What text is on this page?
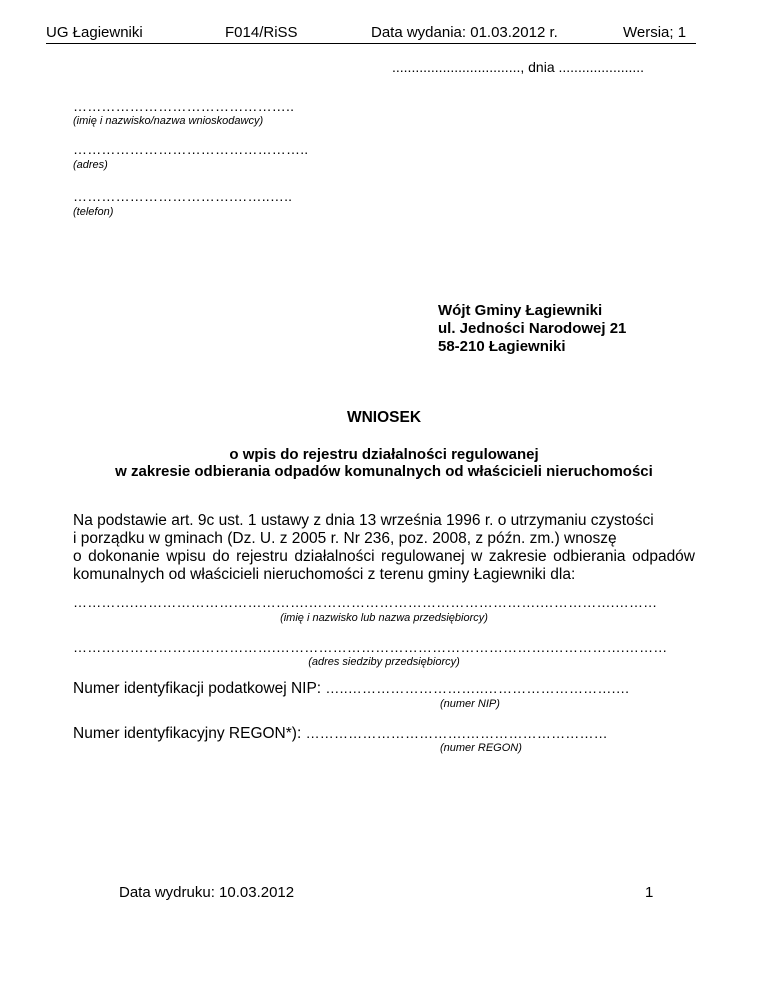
UG Łagiewniki	F014/RiSS	Data wydania: 01.03.2012 r.	Wersia; 1
................................., dnia ......................
………………………………………..
(imię i nazwisko/nazwa wnioskodawcy)
…………………………………………..
(adres)
…………………………….……..…..
(telefon)
Wójt Gminy Łagiewniki
ul. Jedności Narodowej 21
58-210 Łagiewniki
WNIOSEK
o wpis do rejestru działalności regulowanej
w zakresie odbierania odpadów komunalnych od właścicieli nieruchomości
Na podstawie art. 9c ust. 1 ustawy z dnia 13 września 1996 r. o utrzymaniu czystości
i porządku w gminach (Dz. U. z 2005 r. Nr 236, poz. 2008, z późn. zm.) wnoszę
o dokonanie wpisu do rejestru działalności regulowanej w zakresie odbierania odpadów
komunalnych od właścicieli nieruchomości z terenu gminy Łagiewniki dla:
………….……………………………….………………………………………….…………….………
(imię i nazwisko lub nazwa przedsiębiorcy)
…………………………………….………………………………………………….…………….………
(adres siedziby przedsiębiorcy)
Numer identyfikacji podatkowej NIP: …..………………………..……………………….…
(numer NIP)
Numer identyfikacyjny REGON*): …………………………….…………………………
(numer REGON)
Data wydruku: 10.03.2012	1
